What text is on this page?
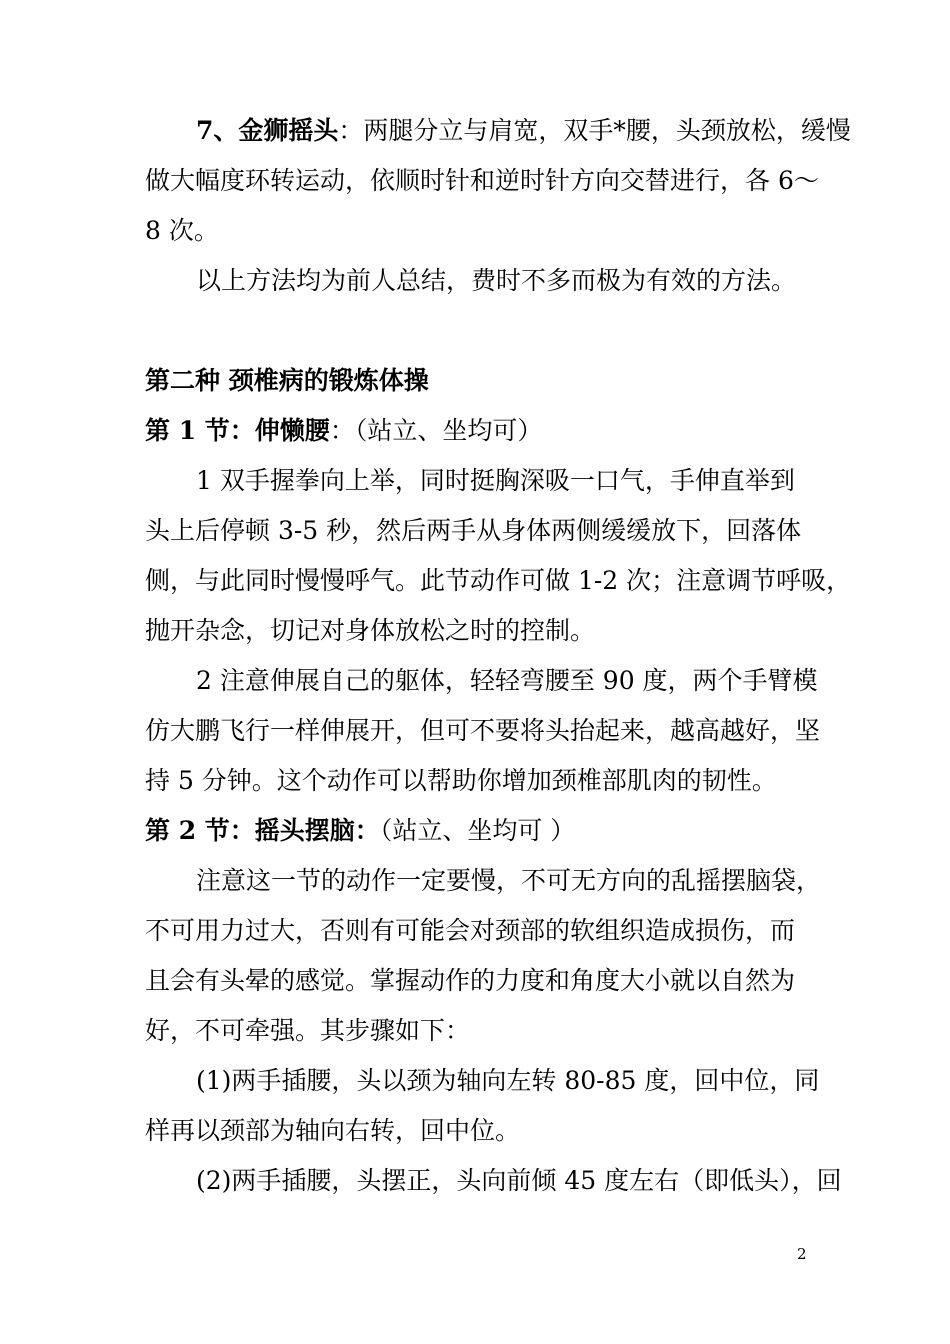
7、金狮摇头：两腿分立与肩宽，双手*腰，头颈放松，缓慢
做大幅度环转运动，依顺时针和逆时针方向交替进行，各 6～
8 次。
以上方法均为前人总结，费时不多而极为有效的方法。
第二种 颈椎病的锻炼体操
第 1 节：伸懒腰：（站立、坐均可）
1 双手握拳向上举，同时挺胸深吸一口气，手伸直举到
头上后停顿 3-5 秒，然后两手从身体两侧缓缓放下，回落体
侧，与此同时慢慢呼气。此节动作可做 1-2 次；注意调节呼吸，
抛开杂念，切记对身体放松之时的控制。
2 注意伸展自己的躯体，轻轻弯腰至 90 度，两个手臂模
仿大鹏飞行一样伸展开，但可不要将头抬起来，越高越好，坚
持 5 分钟。这个动作可以帮助你增加颈椎部肌肉的韧性。
第 2 节：摇头摆脑：（站立、坐均可 ）
注意这一节的动作一定要慢，不可无方向的乱摇摆脑袋，
不可用力过大，否则有可能会对颈部的软组织造成损伤，而
且会有头晕的感觉。掌握动作的力度和角度大小就以自然为
好，不可牵强。其步骤如下：
(1)两手插腰，头以颈为轴向左转 80-85 度，回中位，同
样再以颈部为轴向右转，回中位。
(2)两手插腰，头摆正，头向前倾 45 度左右（即低头），回
2
